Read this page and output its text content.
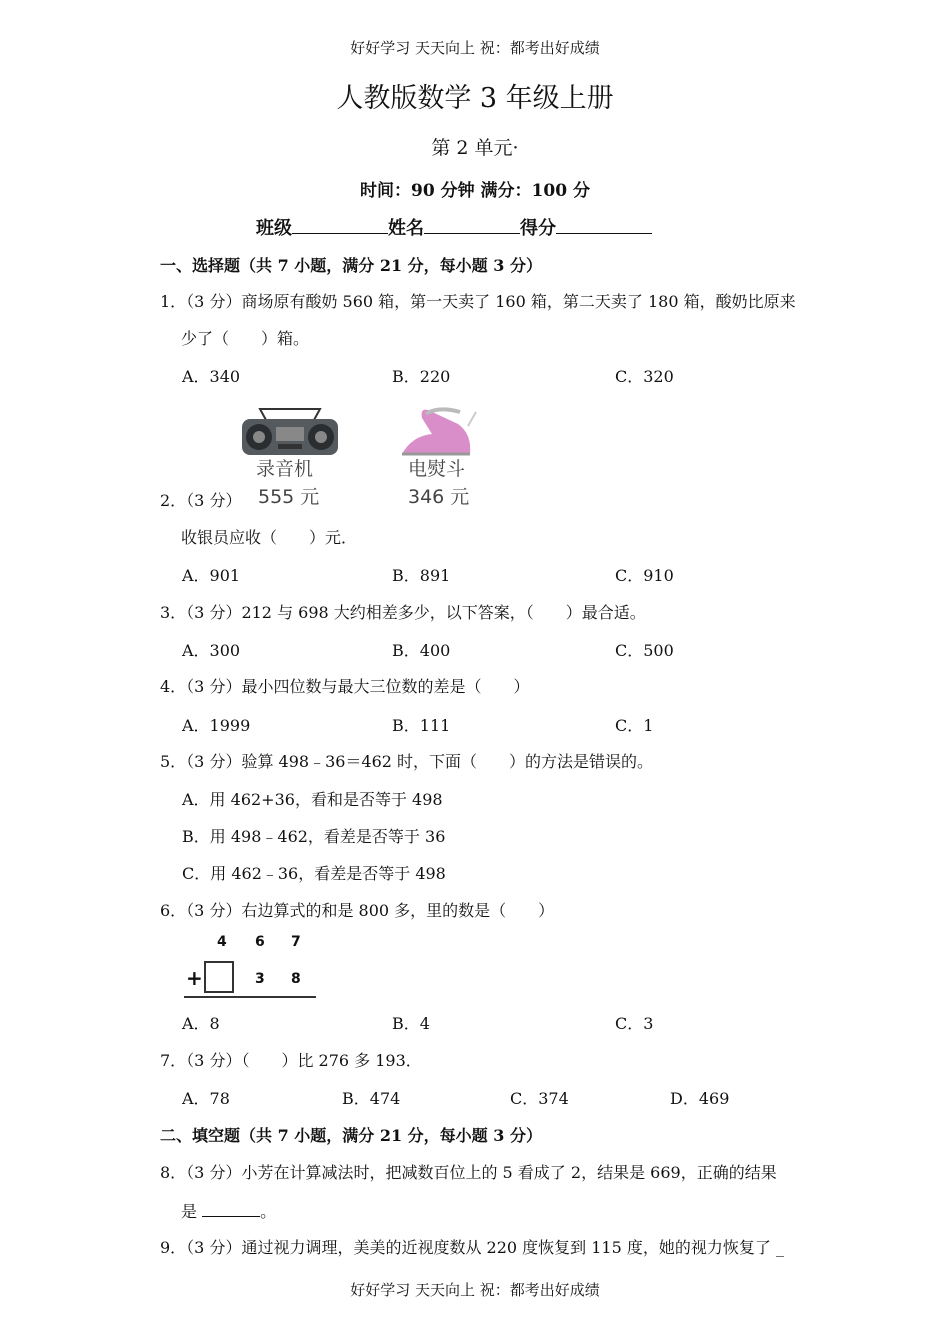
好好学习 天天向上 祝：都考出好成绩
人教版数学 3 年级上册
第 2 单元·
时间：90 分钟 满分：100 分
班级	姓名	得分
一、选择题（共 7 小题，满分 21 分，每小题 3 分）
1．（3 分）商场原有酸奶 560 箱，第一天卖了 160 箱，第二天卖了 180 箱，酸奶比原来
少了（　　）箱。
A．340	B．220	C．320
录音机
555 元
电熨斗
346 元
2．（3 分）
收银员应收（　　）元．
A．901	B．891	C．910
3．（3 分）212 与 698 大约相差多少，以下答案，（　　）最合适。
A．300	B．400	C．500
4．（3 分）最小四位数与最大三位数的差是（　　）
A．1999	B．111	C．1
5．（3 分）验算 498﹣36＝462 时，下面（　　）的方法是错误的。
A．用 462+36，看和是否等于 498
B．用 498﹣462，看差是否等于 36
C．用 462﹣36，看差是否等于 498
6．（3 分）右边算式的和是 800 多，里的数是（　　）
4 6 7
+	3 8
A．8	B．4	C．3
7．（3 分）（　　）比 276 多 193．
A．78	B．474	C．374	D．469
二、填空题（共 7 小题，满分 21 分，每小题 3 分）
8．（3 分）小芳在计算减法时，把减数百位上的 5 看成了 2，结果是 669，正确的结果
是	。
9．（3 分）通过视力调理，美美的近视度数从 220 度恢复到 115 度，她的视力恢复了 _
好好学习 天天向上 祝：都考出好成绩
